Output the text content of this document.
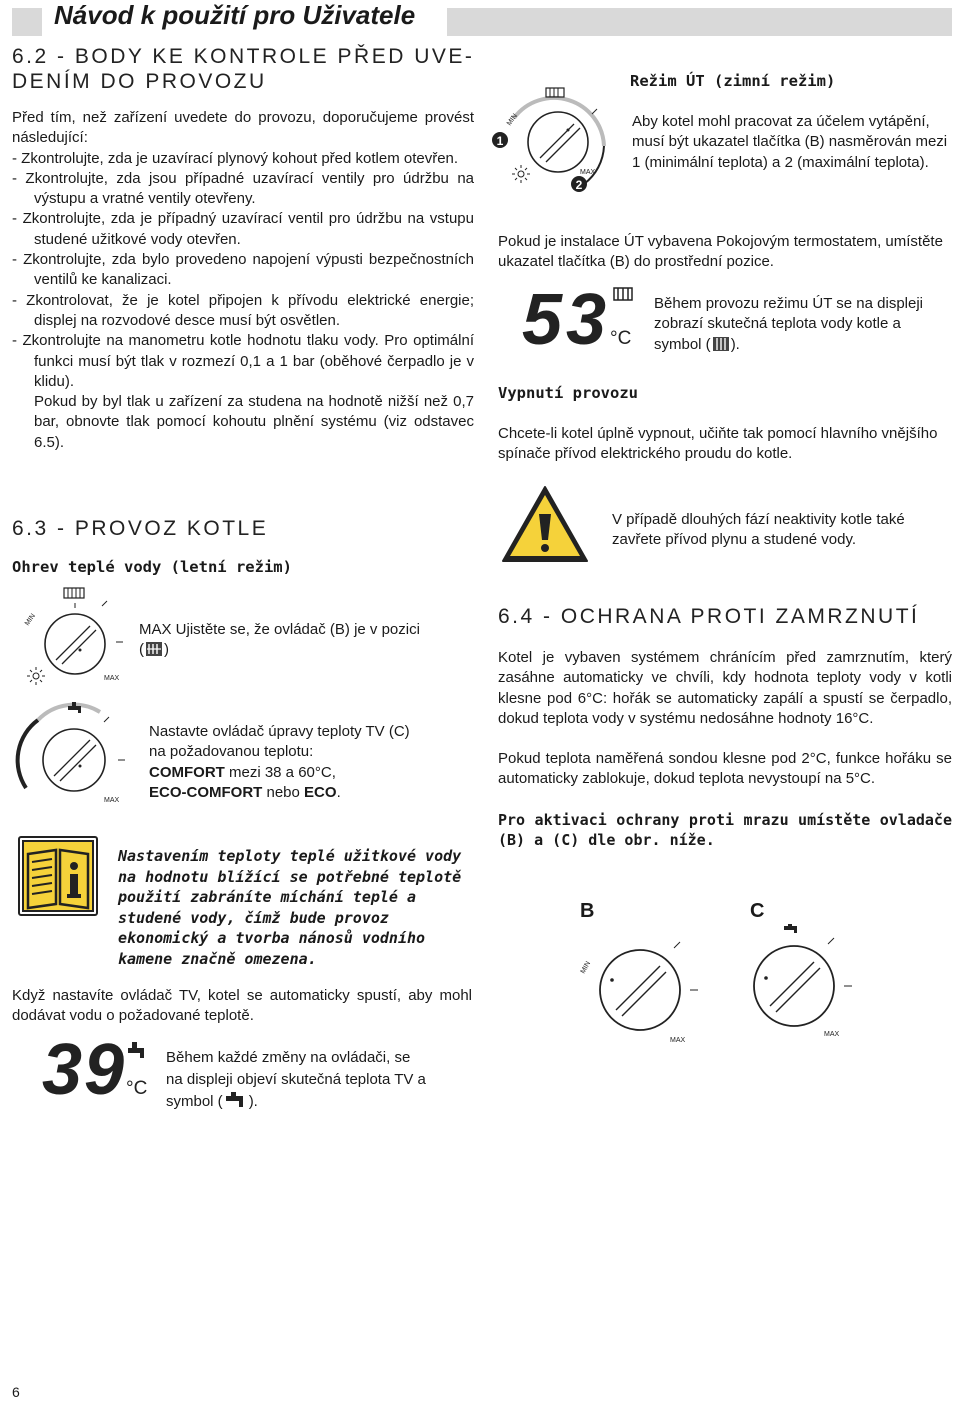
Návod k použití pro Uživatele
6.2 - BODY KE KONTROLE PŘED UVE-
DENÍM DO PROVOZU

Před tím, než zařízení uvedete do provozu, doporučujeme provést následující:

- Zkontrolujte, zda je uzavírací plynový kohout před kotlem otevřen.

- Zkontrolujte, zda jsou případné uzavírací ventily pro údržbu na výstupu a vratné ventily otevřeny.

- Zkontrolujte, zda je případný uzavírací ventil pro údržbu na vstupu studené užitkové vody otevřen.

- Zkontrolujte, zda bylo provedeno napojení výpusti bezpečnostních ventilů ke kanalizaci.

- Zkontrolovat, že je kotel připojen k přívodu elektrické energie; displej na rozvodové desce musí být osvětlen.

- Zkontrolujte na manometru kotle hodnotu tlaku vody. Pro optimální funkci musí být tlak v rozmezí 0,1 a 1 bar (oběhové čerpadlo je v klidu).

Pokud by byl tlak u zařízení za studena na hodnotě nižší než 0,7 bar, obnovte tlak pomocí kohoutu plnění systému (viz odstavec 6.5).

6.3 - PROVOZ KOTLE
Ohrev teplé vody (letní režim)
MIN
MAX
MAX Ujistěte se, že ovládač (B) je v pozici
( )
MAX
Nastavte ovládač úpravy teploty TV (C)
na požadovanou teplotu:
COMFORT mezi 38 a 60°C,
ECO-COMFORT nebo ECO.
Nastavením teploty teplé užitkové vody na hodnotu blížící se potřebné teplotě použití zabráníte míchání teplé a studené vody, čímž bude provoz ekonomický a tvorba nánosů vodního kamene značně omezena.
Když nastavíte ovládač TV, kotel se automaticky spustí, aby mohl dodávat vodu o požadované teplotě.
39 °C
Během každé změny na ovládači, se
na displeji objeví skutečná teplota TV a
symbol ( ).
Režim ÚT (zimní režim)
MIN
MAX
1
2
Aby kotel mohl pracovat za účelem vytápění, musí být ukazatel tlačítka (B) nasměrován mezi 1 (minimální teplota) a 2 (maximální teplota).
Pokud je instalace ÚT vybavena Pokojovým termostatem, umístěte ukazatel tlačítka (B) do prostřední pozice.
53 °C
Během provozu režimu ÚT se na displeji zobrazí skutečná teplota vody kotle a symbol ( ).
Vypnutí provozu
Chcete-li kotel úplně vypnout, učiňte tak pomocí hlavního vnějšího spínače přívod elektrického proudu do kotle.
V případě dlouhých fází neaktivity kotle také zavřete přívod plynu a studené vody.
6.4 - OCHRANA PROTI ZAMRZNUTÍ

Kotel je vybaven systémem chránícím před zamrznutím, který zasáhne automaticky ve chvíli, kdy hodnota teploty vody v kotli klesne pod 6°C: hořák se automaticky zapálí a spustí se čerpadlo, dokud teplota vody v systému nedosáhne hodnoty 16°C.

Pokud teplota naměřená sondou klesne pod 2°C, funkce hořáku se automaticky zablokuje, dokud teplota nevystoupí na 5°C.

Pro aktivaci ochrany proti mrazu umístěte ovladače (B) a (C) dle obr. níže.

B	C
MIN
MAX
MAX
6
